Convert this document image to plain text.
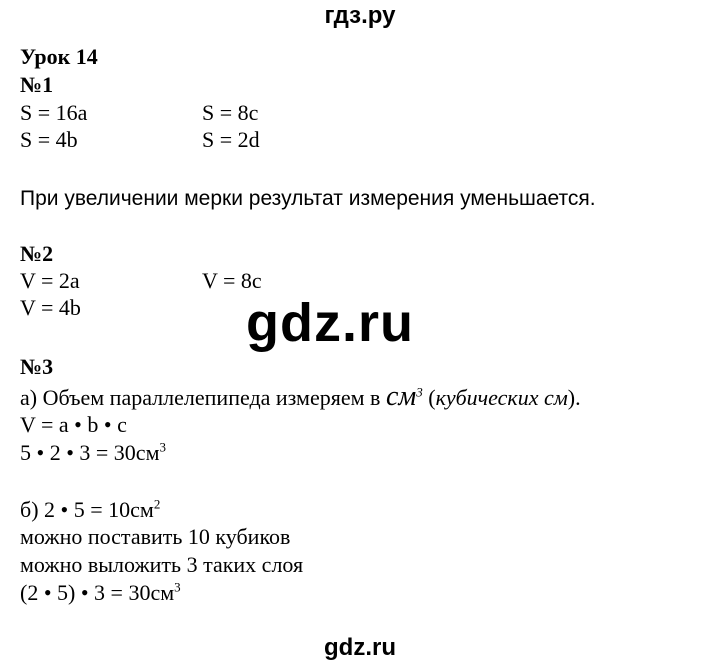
гдз.ру
Урок 14
№1
S = 16a	S = 8c
S = 4b	S = 2d
При увеличении мерки результат измерения уменьшается.
№2
V = 2a	V = 8c
V = 4b	gdz.ru
№3
а) Объем параллелепипеда измеряем в $см^3$ (кубических см).
V = a • b • c
5 • 2 • $3 = 30см^3$
б) 2 • $5 = 10см^2$
можно поставить 10 кубиков
можно выложить 3 таких слоя
(2 • 5) • $3 = 30см^3$
gdz.ru
